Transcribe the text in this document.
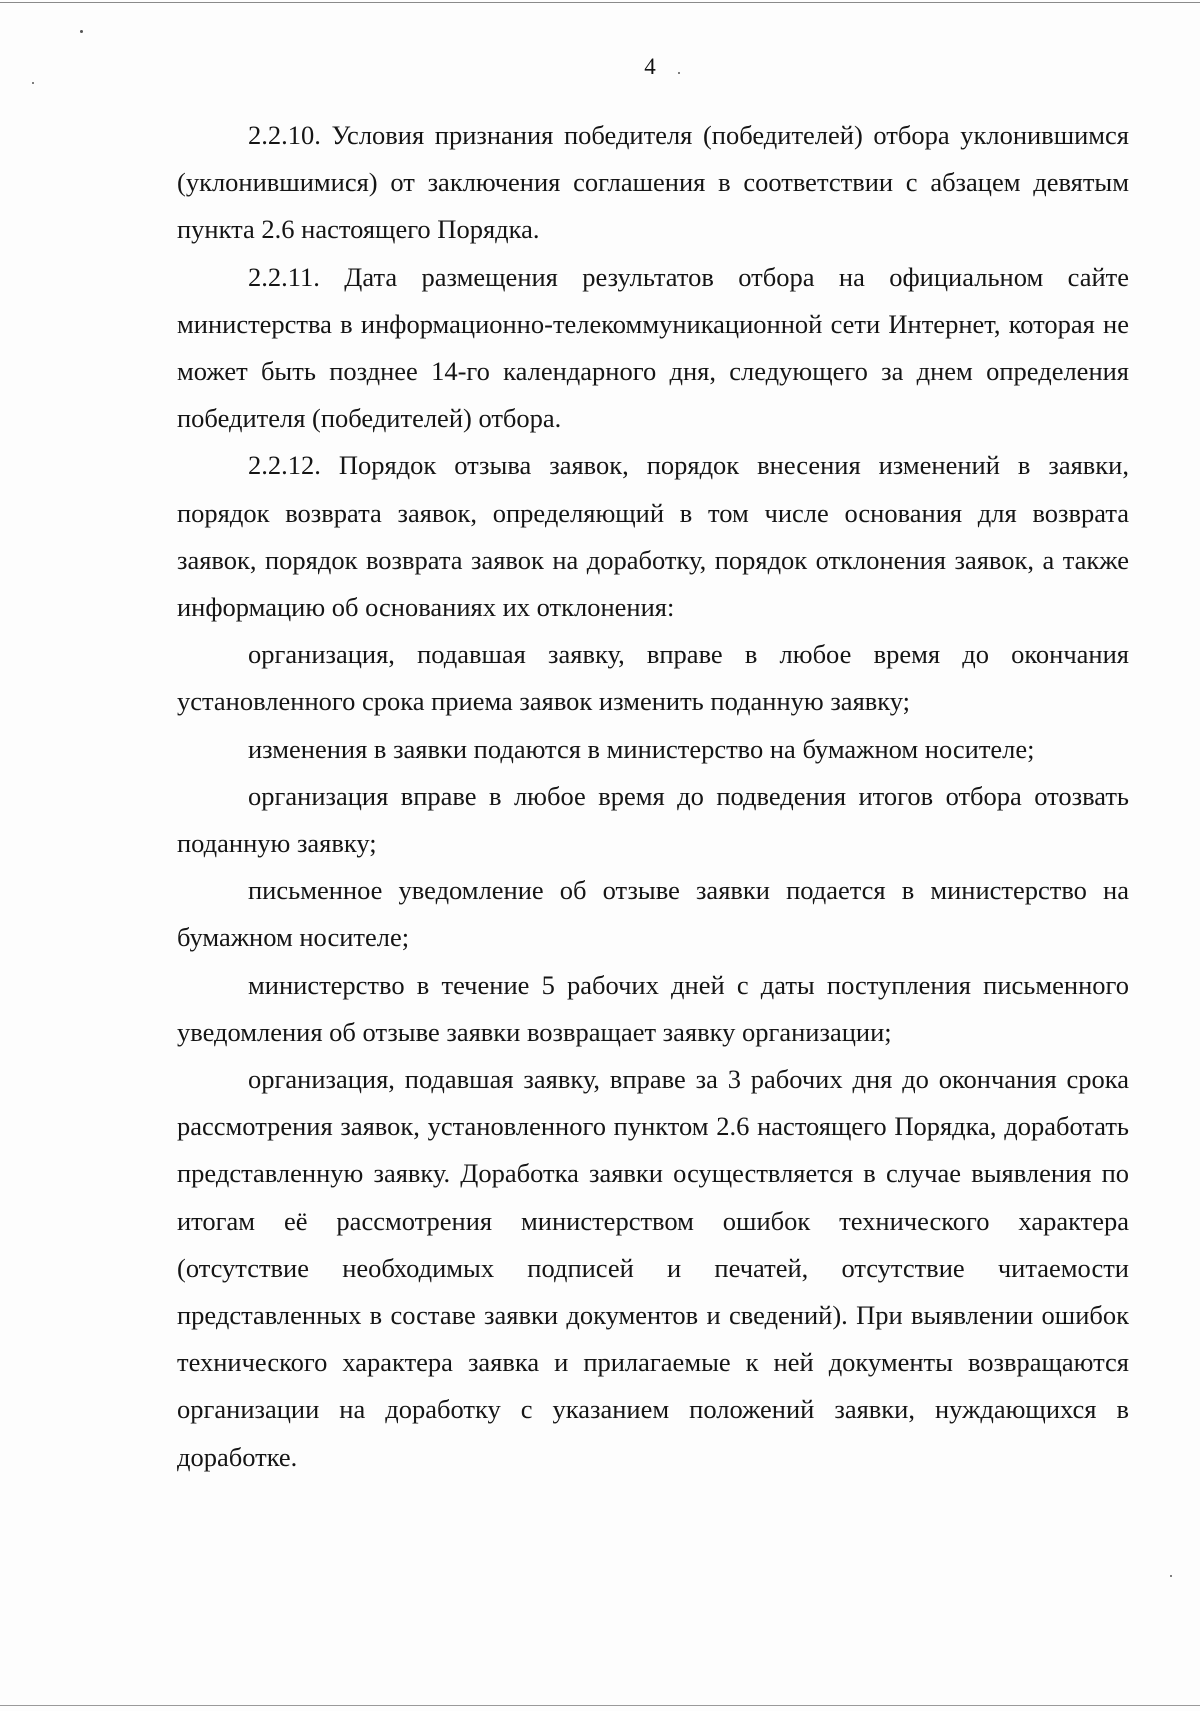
4

2.2.10. Условия признания победителя (победителей) отбора уклонившимся (уклонившимися) от заключения соглашения в соответствии с абзацем девятым пункта 2.6 настоящего Порядка.

2.2.11. Дата размещения результатов отбора на официальном сайте министерства в информационно-телекоммуникационной сети Интернет, которая не может быть позднее 14-го календарного дня, следующего за днем определения победителя (победителей) отбора.

2.2.12. Порядок отзыва заявок, порядок внесения изменений в заявки, порядок возврата заявок, определяющий в том числе основания для возврата заявок, порядок возврата заявок на доработку, порядок отклонения заявок, а также информацию об основаниях их отклонения:

организация, подавшая заявку, вправе в любое время до окончания установленного срока приема заявок изменить поданную заявку;

изменения в заявки подаются в министерство на бумажном носителе;

организация вправе в любое время до подведения итогов отбора отозвать поданную заявку;

письменное уведомление об отзыве заявки подается в министерство на бумажном носителе;

министерство в течение 5 рабочих дней с даты поступления письменного уведомления об отзыве заявки возвращает заявку организации;

организация, подавшая заявку, вправе за 3 рабочих дня до окончания срока рассмотрения заявок, установленного пунктом 2.6 настоящего Порядка, доработать представленную заявку. Доработка заявки осуществляется в случае выявления по итогам её рассмотрения министерством ошибок технического характера (отсутствие необходимых подписей и печатей, отсутствие читаемости представленных в составе заявки документов и сведений). При выявлении ошибок технического характера заявка и прилагаемые к ней документы возвращаются организации на доработку с указанием положений заявки, нуждающихся в доработке.
